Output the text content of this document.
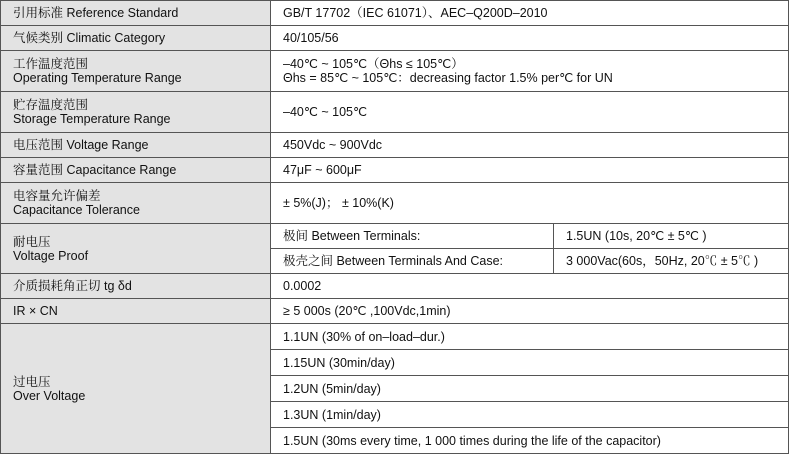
引用标准 Reference Standard	GB/T 17702（IEC 61071）、AEC–Q200D–2010	
气候类别 Climatic Category	40/105/56	

工作温度范围
Operating Temperature Range	–40℃ ~ 105℃（Θhs ≤ 105℃）
Θhs = 85℃ ~ 105℃：decreasing factor 1.5% per℃ for UN	

贮存温度范围
Storage Temperature Range	–40℃ ~ 105℃	
电压范围 Voltage Range	450Vdc ~ 900Vdc	
容量范围 Capacitance Range	47μF ~ 600μF	

电容量允许偏差
Capacitance Tolerance	± 5%(J)； ± 10%(K)	

耐电压
Voltage Proof	极间 Between Terminals:	1.5UN (10s, 20℃ ± 5℃ )
	极壳之间 Between Terminals And Case:	3 000Vac(60s，50Hz, 20℃ ± 5℃ )
介质损耗角正切 tg δd	0.0002	
IR × CN	≥ 5 000s (20℃ ,100Vdc,1min)	

过电压
Over Voltage	1.1UN (30% of on–load–dur.)	
	1.15UN (30min/day)	
	1.2UN (5min/day)	
	1.3UN (1min/day)	
	1.5UN (30ms every time, 1 000 times during the life of the capacitor)	
